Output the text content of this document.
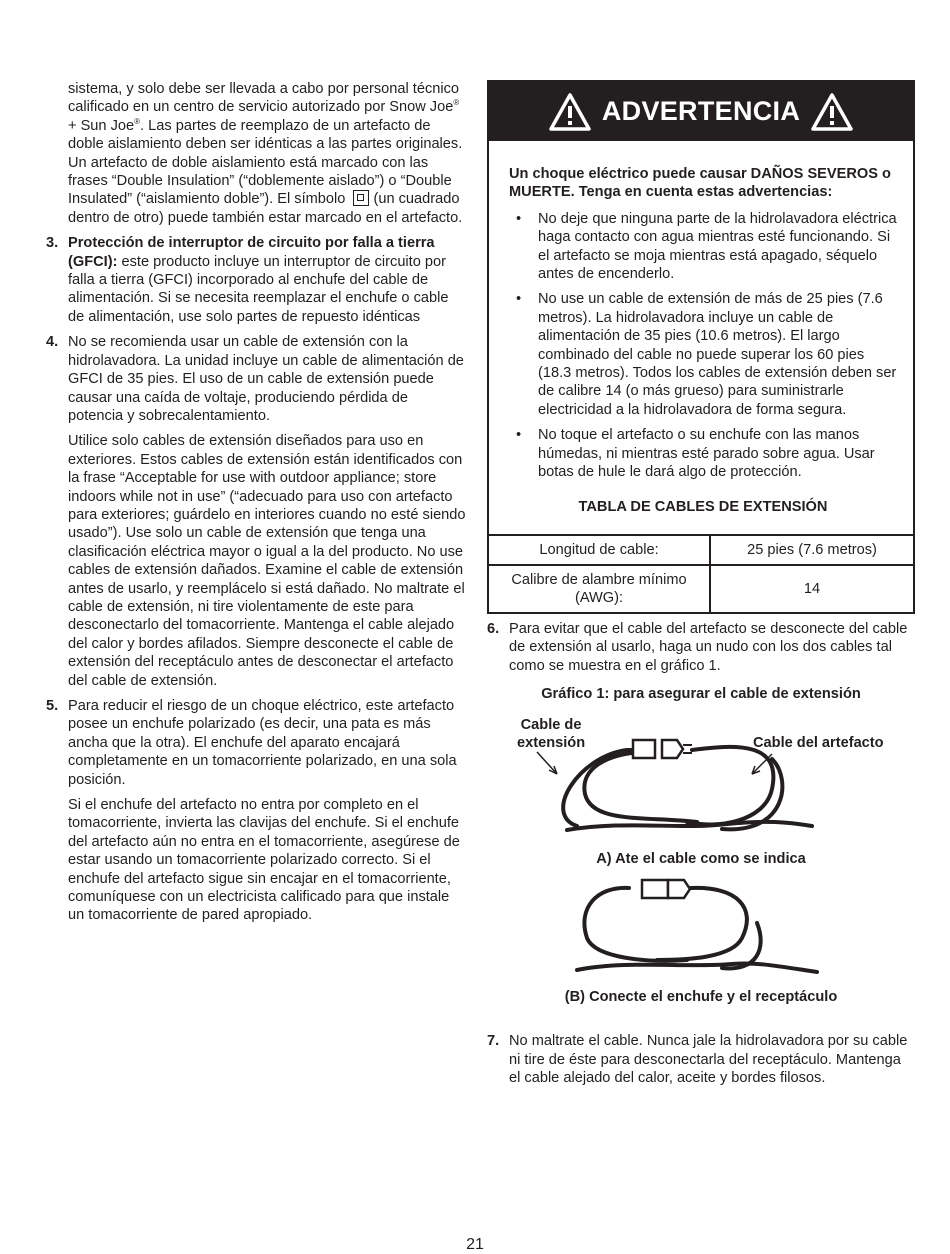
sistema, y solo debe ser llevada a cabo por personal técnico calificado en un centro de servicio autorizado por Snow Joe® + Sun Joe®. Las partes de reemplazo de un artefacto de doble aislamiento deben ser idénticas a las partes originales. Un artefacto de doble aislamiento está marcado con las frases “Double Insulation” (“doblemente aislado”) o “Double Insulated” (“aislamiento doble”). El símbolo (un cuadrado dentro de otro) puede también estar marcado en el artefacto.
3. Protección de interruptor de circuito por falla a tierra (GFCI): este producto incluye un interruptor de circuito por falla a tierra (GFCI) incorporado al enchufe del cable de alimentación. Si se necesita reemplazar el enchufe o cable de alimentación, use solo partes de repuesto idénticas

4. No se recomienda usar un cable de extensión con la hidrolavadora. La unidad incluye un cable de alimentación de GFCI de 35 pies. El uso de un cable de extensión puede causar una caída de voltaje, produciendo pérdida de potencia y sobrecalentamiento.

Utilice solo cables de extensión diseñados para uso en exteriores. Estos cables de extensión están identificados con la frase “Acceptable for use with outdoor appliance; store indoors while not in use” (“adecuado para uso con artefacto para exteriores; guárdelo en interiores cuando no esté siendo usado”). Use solo un cable de extensión que tenga una clasificación eléctrica mayor o igual a la del producto. No use cables de extensión dañados. Examine el cable de extensión antes de usarlo, y reemplácelo si está dañado. No maltrate el cable de extensión, ni tire violentamente de este para desconectarlo del tomacorriente. Mantenga el cable alejado del calor y bordes afilados. Siempre desconecte el cable de extensión del receptáculo antes de desconectar el artefacto del cable de extensión.

5. Para reducir el riesgo de un choque eléctrico, este artefacto posee un enchufe polarizado (es decir, una pata es más ancha que la otra). El enchufe del aparato encajará completamente en un tomacorriente polarizado, en una sola posición.

Si el enchufe del artefacto no entra por completo en el tomacorriente, invierta las clavijas del enchufe. Si el enchufe del artefacto aún no entra en el tomacorriente, asegúrese de estar usando un tomacorriente polarizado correcto. Si el enchufe del artefacto sigue sin encajar en el tomacorriente, comuníquese con un electricista calificado para que instale un tomacorriente de pared apropiado.

ADVERTENCIA

Un choque eléctrico puede causar DAÑOS SEVEROS o MUERTE. Tenga en cuenta estas advertencias:

•	No deje que ninguna parte de la hidrolavadora eléctrica haga contacto con agua mientras esté funcionando. Si el artefacto se moja mientras está apagado, séquelo antes de encenderlo.
•	No use un cable de extensión de más de 25 pies (7.6 metros). La hidrolavadora incluye un cable de alimentación de 35 pies (10.6 metros). El largo combinado del cable no puede superar los 60 pies (18.3 metros). Todos los cables de extensión deben ser de calibre 14 (o más grueso) para suministrarle electricidad a la hidrolavadora de forma segura.
•	No toque el artefacto o su enchufe con las manos húmedas, ni mientras esté parado sobre agua. Usar botas de hule le dará algo de protección.

TABLA DE CABLES DE EXTENSIÓN

Longitud de cable:	25 pies (7.6 metros)
Calibre de alambre mínimo (AWG):	14
6. Para evitar que el cable del artefacto se desconecte del cable de extensión al usarlo, haga un nudo con los dos cables tal como se muestra en el gráfico 1.

Gráfico 1: para asegurar el cable de extensión

Cable de
extensión	Cable del artefacto

A) Ate el cable como se indica

(B) Conecte el enchufe y el receptáculo

7. No maltrate el cable. Nunca jale la hidrolavadora por su cable ni tire de éste para desconectarla del receptáculo. Mantenga el cable alejado del calor, aceite y bordes filosos.

21
